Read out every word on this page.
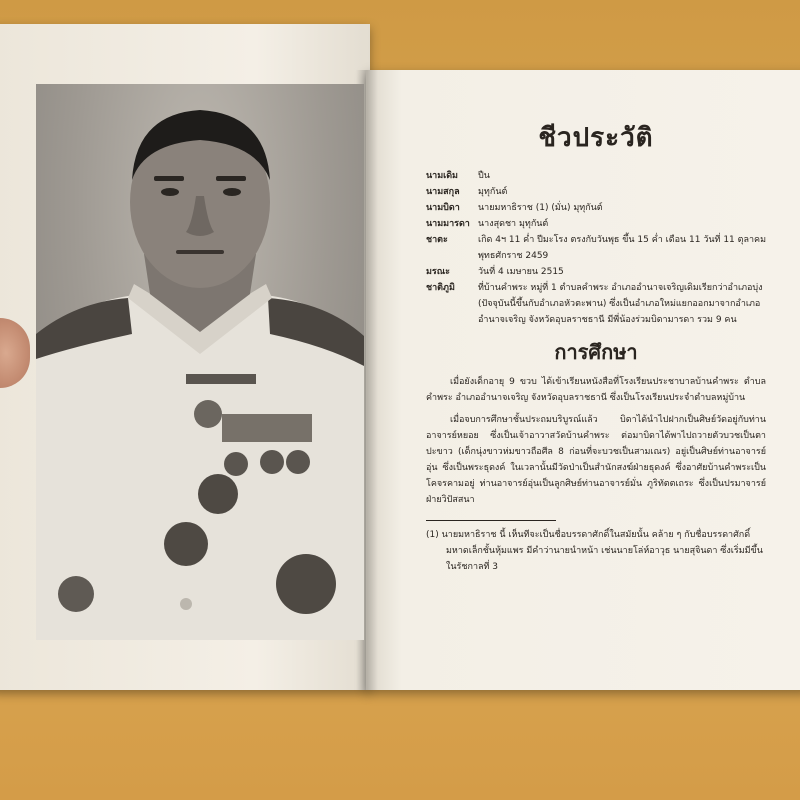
ชีวประวัติ
นามเดิม	ปืน
นามสกุล	มุทุกันต์
นามบิดา	นายมหาธิราช (1) (มั่น) มุทุกันต์
นามมารดา นางสุดชา มุทุกันต์
ชาตะ	เกิด 4ฯ 11 ค่ำ ปีมะโรง ตรงกับวันพุธ ขึ้น 15 ค่ำ เดือน 11 วันที่ 11 ตุลาคม พุทธศักราช 2459
มรณะ	วันที่ 4 เมษายน 2515
ชาติภูมิ	ที่บ้านคำพระ หมู่ที่ 1 ตำบลคำพระ อำเภออำนาจเจริญเดิมเรียกว่าอำเภอบุ่ง (ปัจจุบันนี้ขึ้นกับอำเภอหัวตะพาน) ซึ่งเป็นอำเภอใหม่แยกออกมาจากอำเภออำนาจเจริญ จังหวัดอุบลราชธานี มีพี่น้องร่วมบิดามารดา รวม 9 คน
การศึกษา
เมื่อยังเด็กอายุ 9 ขวบ ได้เข้าเรียนหนังสือที่โรงเรียนประชาบาลบ้านคำพระ ตำบลคำพระ อำเภออำนาจเจริญ จังหวัดอุบลราชธานี ซึ่งเป็นโรงเรียนประจำตำบลหมู่บ้าน
เมื่อจบการศึกษาชั้นประถมบริบูรณ์แล้ว บิดาได้นำไปฝากเป็นศิษย์วัดอยู่กับท่านอาจารย์หยอย ซึ่งเป็นเจ้าอาวาสวัดบ้านคำพระ ต่อมาบิดาได้พาไปถวายตัวบวชเป็นตาปะขาว (เด็กนุ่งขาวห่มขาวถือศีล 8 ก่อนที่จะบวชเป็นสามเณร) อยู่เป็นศิษย์ท่านอาจารย์อุ่น ซึ่งเป็นพระธุดงค์ ในเวลานั้นมีวัดป่าเป็นสำนักสงฆ์ฝ่ายธุดงค์ ซึ่งอาศัยบ้านคำพระเป็นโคจรคามอยู่ ท่านอาจารย์อุ่นเป็นลูกศิษย์ท่านอาจารย์มั่น ภูริทัตตเถระ ซึ่งเป็นปรมาจารย์ฝ่ายวิปัสสนา
(1) นายมหาธิราช นี้ เห็นทีจะเป็นชื่อบรรดาศักดิ์ในสมัยนั้น คล้าย ๆ กับชื่อบรรดาศักดิ์มหาดเล็กชั้นหุ้มแพร มีคำว่านายนำหน้า เช่นนายโล่ห์อาวุธ นายสุจินดา ซึ่งเริ่มมีขึ้นในรัชกาลที่ 3
